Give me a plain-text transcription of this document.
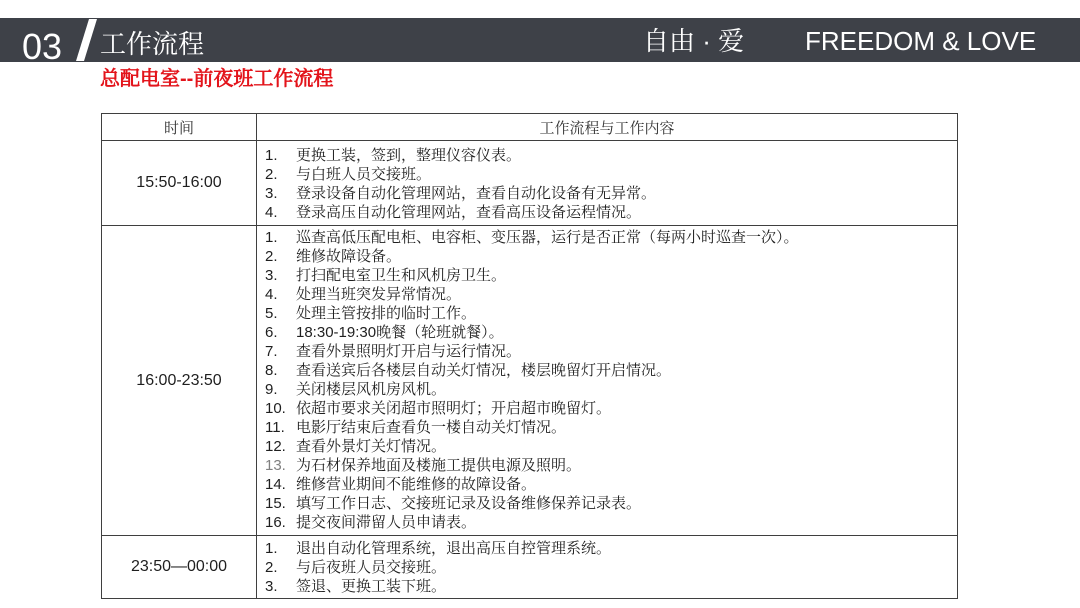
03 工作流程	自由 · 爱 FREEDOM & LOVE
总配电室--前夜班工作流程
时间	工作流程与工作内容
15:50-16:00
1.	更换工装，签到，整理仪容仪表。
2.	与白班人员交接班。
3.	登录设备自动化管理网站，查看自动化设备有无异常。
4.	登录高压自动化管理网站，查看高压设备运程情况。
16:00-23:50
1.	巡查高低压配电柜、电容柜、变压器，运行是否正常（每两小时巡查一次）。
2.	维修故障设备。
3.	打扫配电室卫生和风机房卫生。
4.	处理当班突发异常情况。
5.	处理主管按排的临时工作。
6.	18:30-19:30晚餐（轮班就餐）。
7.	查看外景照明灯开启与运行情况。
8.	查看送宾后各楼层自动关灯情况，楼层晚留灯开启情况。
9.	关闭楼层风机房风机。
10. 依超市要求关闭超市照明灯；开启超市晚留灯。
11. 电影厅结束后查看负一楼自动关灯情况。
12. 查看外景灯关灯情况。
13. 为石材保养地面及楼施工提供电源及照明。
14. 维修营业期间不能维修的故障设备。
15. 填写工作日志、交接班记录及设备维修保养记录表。
16. 提交夜间滞留人员申请表。
23:50—00:00
1.	退出自动化管理系统，退出高压自控管理系统。
2.	与后夜班人员交接班。
3.	签退、更换工装下班。
